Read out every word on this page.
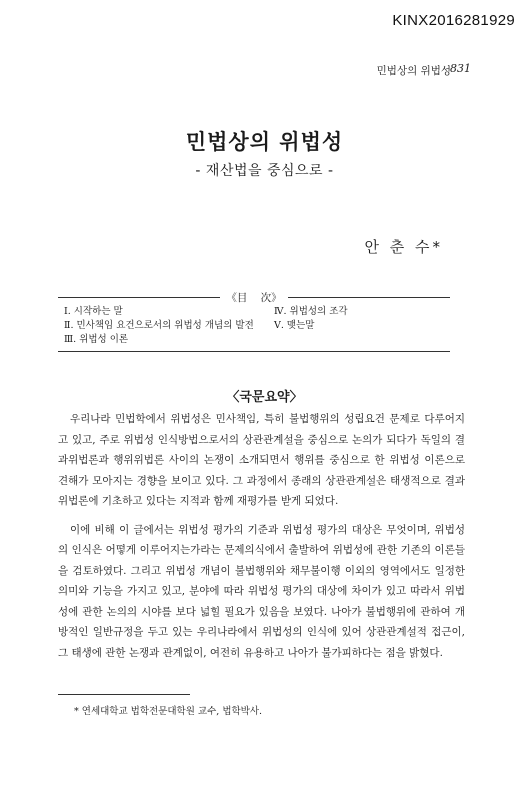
KINX2016281929
민법상의 위법성 831
민법상의 위법성
- 재산법을 중심으로 -
안 춘 수*
《目    次》
Ⅰ. 시작하는 말	Ⅳ. 위법성의 조각
Ⅱ. 민사책임 요건으로서의 위법성 개념의 발전	Ⅴ. 맺는말
Ⅲ. 위법성 이론
〈국문요약〉

우리나라 민법학에서 위법성은 민사책임, 특히 불법행위의 성립요건 문제로 다루어지고 있고, 주로 위법성 인식방법으로서의 상관관계설을 중심으로 논의가 되다가 독일의 결과위법론과 행위위법론 사이의 논쟁이 소개되면서 행위를 중심으로 한 위법성 이론으로 견해가 모아지는 경향을 보이고 있다. 그 과정에서 종래의 상관관계설은 태생적으로 결과위법론에 기초하고 있다는 지적과 함께 재평가를 받게 되었다.

이에 비해 이 글에서는 위법성 평가의 기준과 위법성 평가의 대상은 무엇이며, 위법성의 인식은 어떻게 이루어지는가라는 문제의식에서 출발하여 위법성에 관한 기존의 이론들을 검토하였다. 그리고 위법성 개념이 불법행위와 채무불이행 이외의 영역에서도 일정한 의미와 기능을 가지고 있고, 분야에 따라 위법성 평가의 대상에 차이가 있고 따라서 위법성에 관한 논의의 시야를 보다 넓힐 필요가 있음을 보였다. 나아가 불법행위에 관하여 개방적인 일반규정을 두고 있는 우리나라에서 위법성의 인식에 있어 상관관계설적 접근이, 그 태생에 관한 논쟁과 관계없이, 여전히 유용하고 나아가 불가피하다는 점을 밝혔다.

* 연세대학교 법학전문대학원 교수, 법학박사.
